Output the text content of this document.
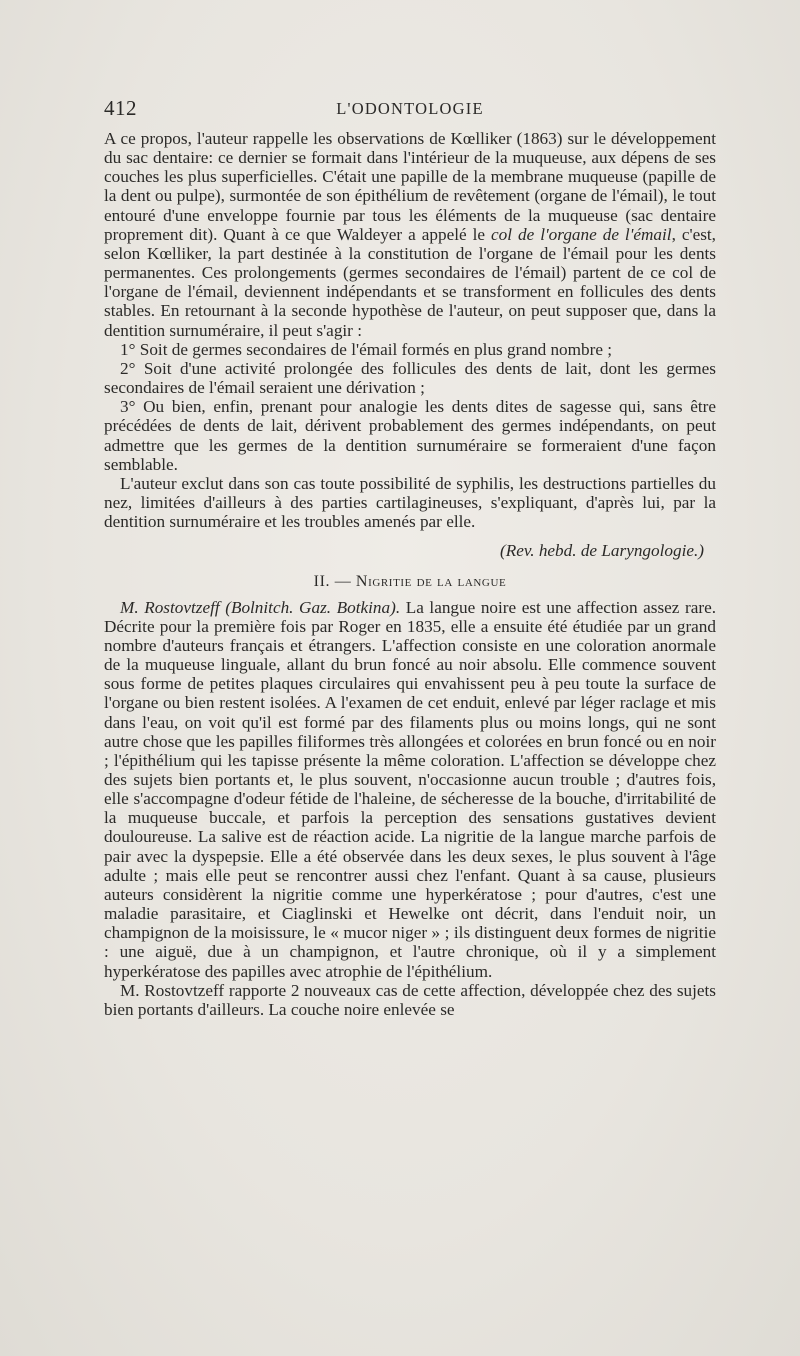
412	L'ODONTOLOGIE

A ce propos, l'auteur rappelle les observations de Kœlliker (1863) sur le développement du sac dentaire: ce dernier se formait dans l'intérieur de la muqueuse, aux dépens de ses couches les plus superficielles. C'était une papille de la membrane muqueuse (papille de la dent ou pulpe), surmontée de son épithélium de revêtement (organe de l'émail), le tout entouré d'une enveloppe fournie par tous les éléments de la muqueuse (sac dentaire proprement dit). Quant à ce que Waldeyer a appelé le col de l'organe de l'émail, c'est, selon Kœlliker, la part destinée à la constitution de l'organe de l'émail pour les dents permanentes. Ces prolongements (germes secondaires de l'émail) partent de ce col de l'organe de l'émail, deviennent indépendants et se transforment en follicules des dents stables. En retournant à la seconde hypothèse de l'auteur, on peut supposer que, dans la dentition surnuméraire, il peut s'agir :

1° Soit de germes secondaires de l'émail formés en plus grand nombre ;

2° Soit d'une activité prolongée des follicules des dents de lait, dont les germes secondaires de l'émail seraient une dérivation ;

3° Ou bien, enfin, prenant pour analogie les dents dites de sagesse qui, sans être précédées de dents de lait, dérivent probablement des germes indépendants, on peut admettre que les germes de la dentition surnuméraire se formeraient d'une façon semblable.

L'auteur exclut dans son cas toute possibilité de syphilis, les destructions partielles du nez, limitées d'ailleurs à des parties cartilagineuses, s'expliquant, d'après lui, par la dentition surnuméraire et les troubles amenés par elle.

(Rev. hebd. de Laryngologie.)

II. — Nigritie de la langue

M. Rostovtzeff (Bolnitch. Gaz. Botkina). La langue noire est une affection assez rare. Décrite pour la première fois par Roger en 1835, elle a ensuite été étudiée par un grand nombre d'auteurs français et étrangers. L'affection consiste en une coloration anormale de la muqueuse linguale, allant du brun foncé au noir absolu. Elle commence souvent sous forme de petites plaques circulaires qui envahissent peu à peu toute la surface de l'organe ou bien restent isolées. A l'examen de cet enduit, enlevé par léger raclage et mis dans l'eau, on voit qu'il est formé par des filaments plus ou moins longs, qui ne sont autre chose que les papilles filiformes très allongées et colorées en brun foncé ou en noir ; l'épithélium qui les tapisse présente la même coloration. L'affection se développe chez des sujets bien portants et, le plus souvent, n'occasionne aucun trouble ; d'autres fois, elle s'accompagne d'odeur fétide de l'haleine, de sécheresse de la bouche, d'irritabilité de la muqueuse buccale, et parfois la perception des sensations gustatives devient douloureuse. La salive est de réaction acide. La nigritie de la langue marche parfois de pair avec la dyspepsie. Elle a été observée dans les deux sexes, le plus souvent à l'âge adulte ; mais elle peut se rencontrer aussi chez l'enfant. Quant à sa cause, plusieurs auteurs considèrent la nigritie comme une hyperkératose ; pour d'autres, c'est une maladie parasitaire, et Ciaglinski et Hewelke ont décrit, dans l'enduit noir, un champignon de la moisissure, le « mucor niger » ; ils distinguent deux formes de nigritie : une aiguë, due à un champignon, et l'autre chronique, où il y a simplement hyperkératose des papilles avec atrophie de l'épithélium.

M. Rostovtzeff rapporte 2 nouveaux cas de cette affection, développée chez des sujets bien portants d'ailleurs. La couche noire enlevée se
